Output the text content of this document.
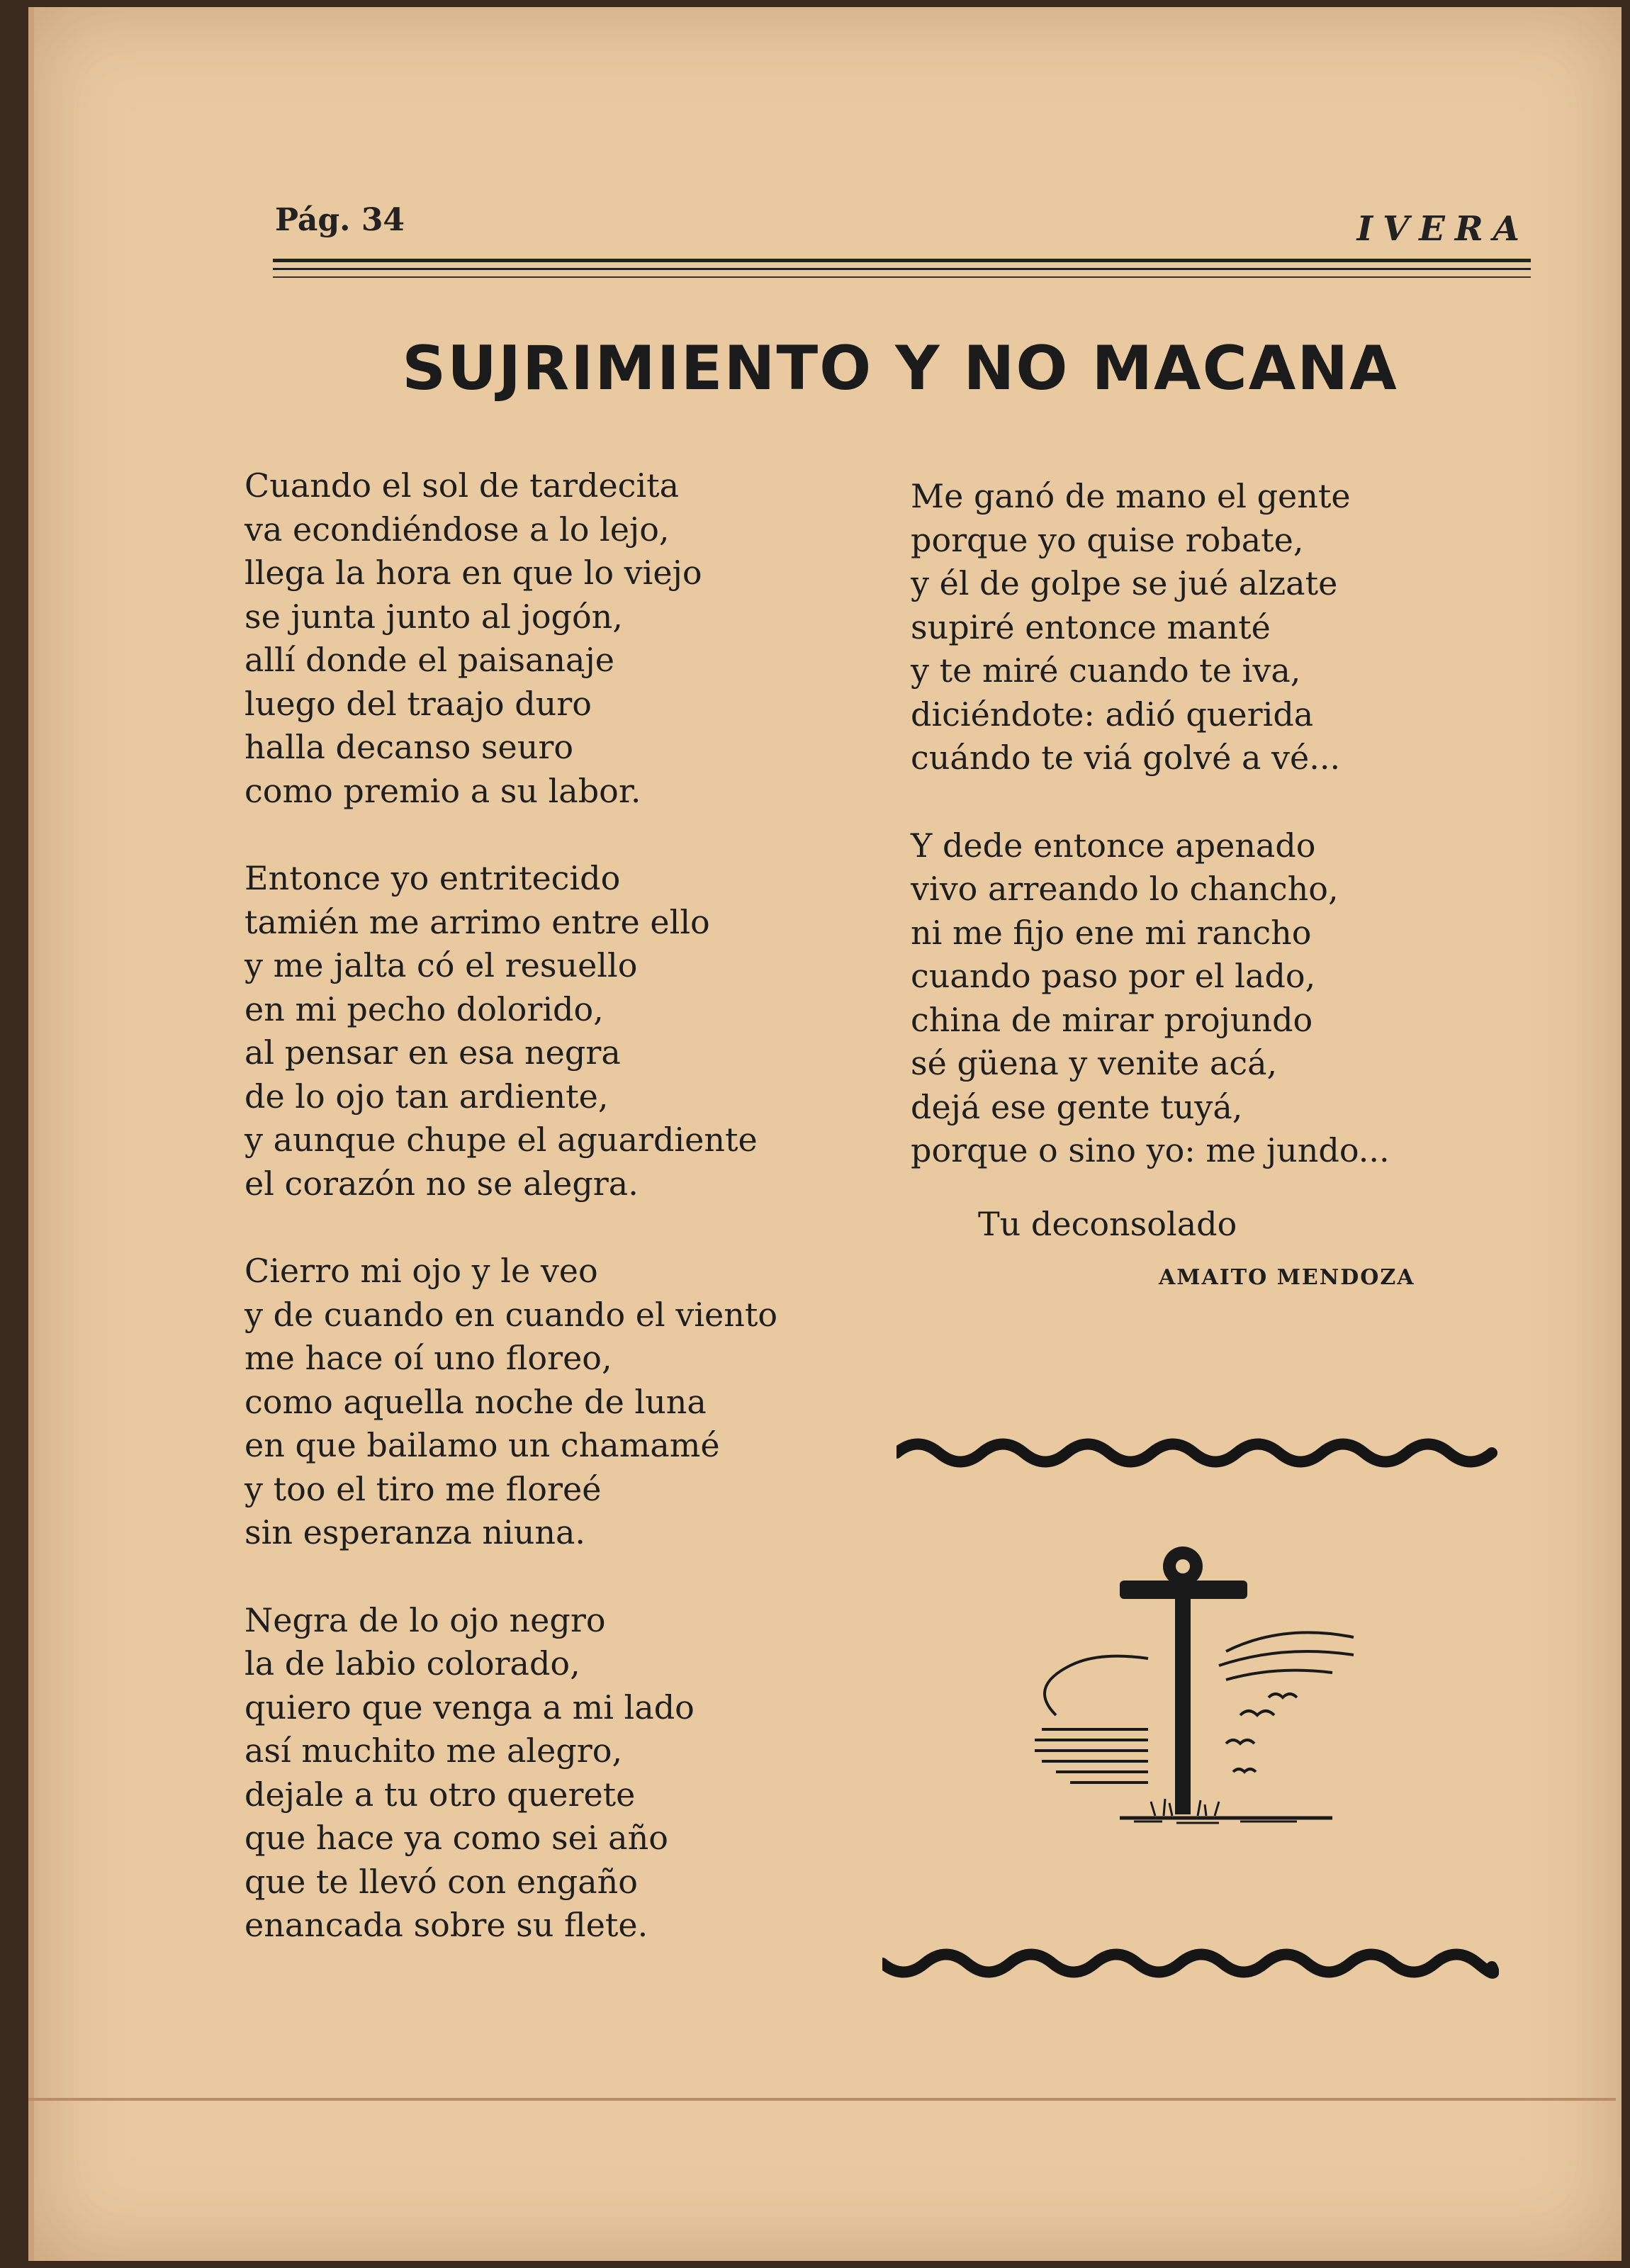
Pág. 34	IVERA
SUJRIMIENTO Y NO MACANA
Cuando el sol de tardecita
va econdiéndose a lo lejo,
llega la hora en que lo viejo
se junta junto al jogón,
allí donde el paisanaje
luego del traajo duro
halla decanso seuro
como premio a su labor.
Entonce yo entritecido
tamién me arrimo entre ello
y me jalta có el resuello
en mi pecho dolorido,
al pensar en esa negra
de lo ojo tan ardiente,
y aunque chupe el aguardiente
el corazón no se alegra.
Cierro mi ojo y le veo
y de cuando en cuando el viento
me hace oí uno floreo,
como aquella noche de luna
en que bailamo un chamamé
y too el tiro me floreé
sin esperanza niuna.
Negra de lo ojo negro
la de labio colorado,
quiero que venga a mi lado
así muchito me alegro,
dejale a tu otro querete
que hace ya como sei año
que te llevó con engaño
enancada sobre su flete.
Me ganó de mano el gente
porque yo quise robate,
y él de golpe se jué alzate
supiré entonce manté
y te miré cuando te iva,
diciéndote: adió querida
cuándo te viá golvé a vé...
Y dede entonce apenado
vivo arreando lo chancho,
ni me fijo ene mi rancho
cuando paso por el lado,
china de mirar projundo
sé güena y venite acá,
dejá ese gente tuyá,
porque o sino yo: me jundo...
Tu deconsolado
AMAITO MENDOZA
